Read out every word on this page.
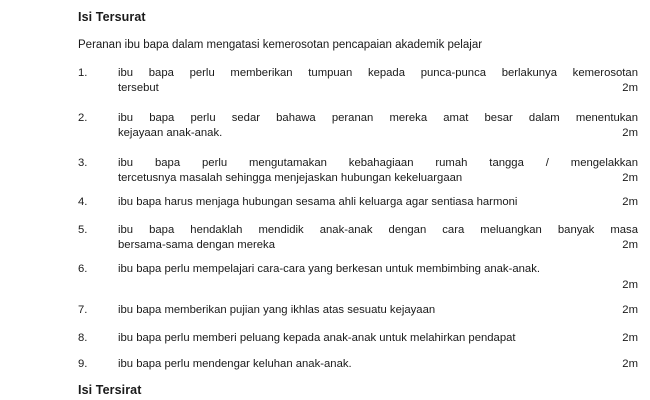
Isi Tersurat
Peranan ibu bapa dalam mengatasi kemerosotan pencapaian akademik pelajar
1.	ibu bapa perlu memberikan tumpuan kepada punca-punca berlakunya kemerosotan
tersebut	2m
2.	ibu bapa perlu sedar bahawa peranan mereka amat besar dalam menentukan
kejayaan anak-anak.	2m
3.	ibu bapa perlu mengutamakan kebahagiaan rumah tangga / mengelakkan
tercetusnya masalah sehingga menjejaskan hubungan kekeluargaan	2m
4.	ibu bapa harus menjaga hubungan sesama ahli keluarga agar sentiasa harmoni	2m
5.	ibu bapa hendaklah mendidik anak-anak dengan cara meluangkan banyak masa
bersama-sama dengan mereka	2m
6.	ibu bapa perlu mempelajari cara-cara yang berkesan untuk membimbing anak-anak.
2m
7.	ibu bapa memberikan pujian yang ikhlas atas sesuatu kejayaan	2m
8.	ibu bapa perlu memberi peluang kepada anak-anak untuk melahirkan pendapat	2m
9.	ibu bapa perlu mendengar keluhan anak-anak.	2m
Isi Tersirat
